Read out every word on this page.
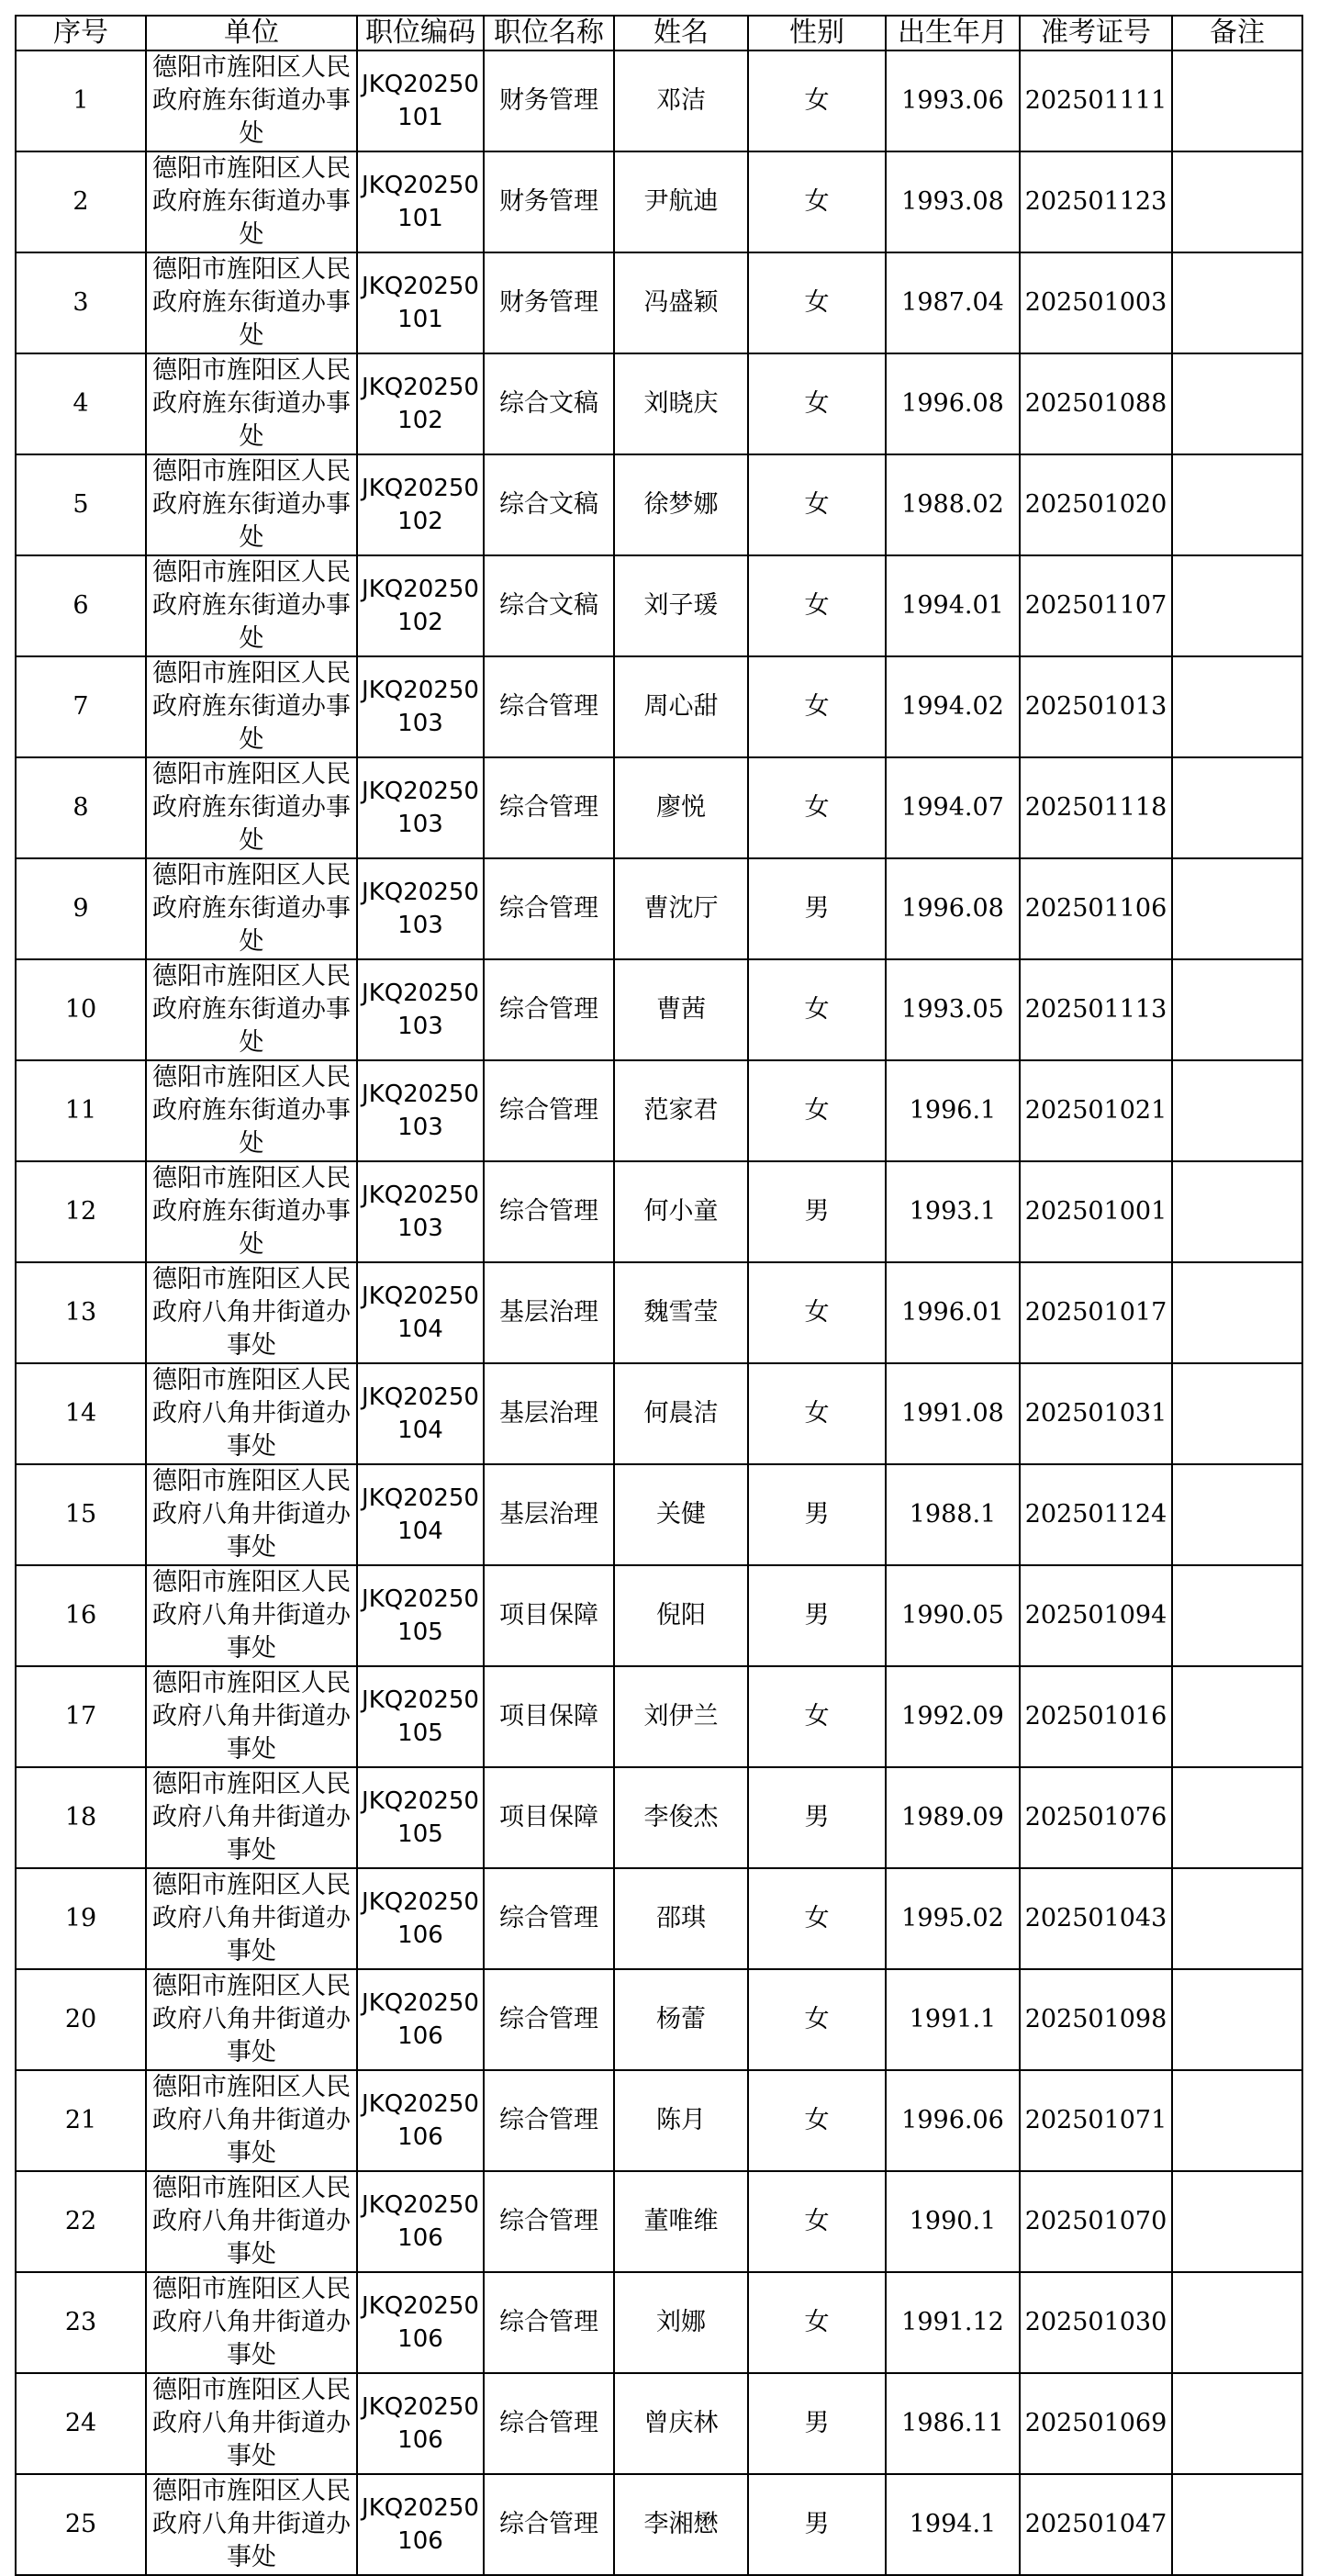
序号	单位	职位编码	职位名称	姓名	性别	出生年月	准考证号	备注
1	德阳市旌阳区人民政府旌东街道办事处	JKQ20250101	财务管理	邓洁	女	1993.06	202501111	
2	德阳市旌阳区人民政府旌东街道办事处	JKQ20250101	财务管理	尹航迪	女	1993.08	202501123	
3	德阳市旌阳区人民政府旌东街道办事处	JKQ20250101	财务管理	冯盛颖	女	1987.04	202501003	
4	德阳市旌阳区人民政府旌东街道办事处	JKQ20250102	综合文稿	刘晓庆	女	1996.08	202501088	
5	德阳市旌阳区人民政府旌东街道办事处	JKQ20250102	综合文稿	徐梦娜	女	1988.02	202501020	
6	德阳市旌阳区人民政府旌东街道办事处	JKQ20250102	综合文稿	刘子瑗	女	1994.01	202501107	
7	德阳市旌阳区人民政府旌东街道办事处	JKQ20250103	综合管理	周心甜	女	1994.02	202501013	
8	德阳市旌阳区人民政府旌东街道办事处	JKQ20250103	综合管理	廖悦	女	1994.07	202501118	
9	德阳市旌阳区人民政府旌东街道办事处	JKQ20250103	综合管理	曹沈厅	男	1996.08	202501106	
10	德阳市旌阳区人民政府旌东街道办事处	JKQ20250103	综合管理	曹茜	女	1993.05	202501113	
11	德阳市旌阳区人民政府旌东街道办事处	JKQ20250103	综合管理	范家君	女	1996.1	202501021	
12	德阳市旌阳区人民政府旌东街道办事处	JKQ20250103	综合管理	何小童	男	1993.1	202501001	
13	德阳市旌阳区人民政府八角井街道办事处	JKQ20250104	基层治理	魏雪莹	女	1996.01	202501017	
14	德阳市旌阳区人民政府八角井街道办事处	JKQ20250104	基层治理	何晨洁	女	1991.08	202501031	
15	德阳市旌阳区人民政府八角井街道办事处	JKQ20250104	基层治理	关健	男	1988.1	202501124	
16	德阳市旌阳区人民政府八角井街道办事处	JKQ20250105	项目保障	倪阳	男	1990.05	202501094	
17	德阳市旌阳区人民政府八角井街道办事处	JKQ20250105	项目保障	刘伊兰	女	1992.09	202501016	
18	德阳市旌阳区人民政府八角井街道办事处	JKQ20250105	项目保障	李俊杰	男	1989.09	202501076	
19	德阳市旌阳区人民政府八角井街道办事处	JKQ20250106	综合管理	邵琪	女	1995.02	202501043	
20	德阳市旌阳区人民政府八角井街道办事处	JKQ20250106	综合管理	杨蕾	女	1991.1	202501098	
21	德阳市旌阳区人民政府八角井街道办事处	JKQ20250106	综合管理	陈月	女	1996.06	202501071	
22	德阳市旌阳区人民政府八角井街道办事处	JKQ20250106	综合管理	董唯维	女	1990.1	202501070	
23	德阳市旌阳区人民政府八角井街道办事处	JKQ20250106	综合管理	刘娜	女	1991.12	202501030	
24	德阳市旌阳区人民政府八角井街道办事处	JKQ20250106	综合管理	曾庆林	男	1986.11	202501069	
25	德阳市旌阳区人民政府八角井街道办事处	JKQ20250106	综合管理	李湘懋	男	1994.1	202501047	
